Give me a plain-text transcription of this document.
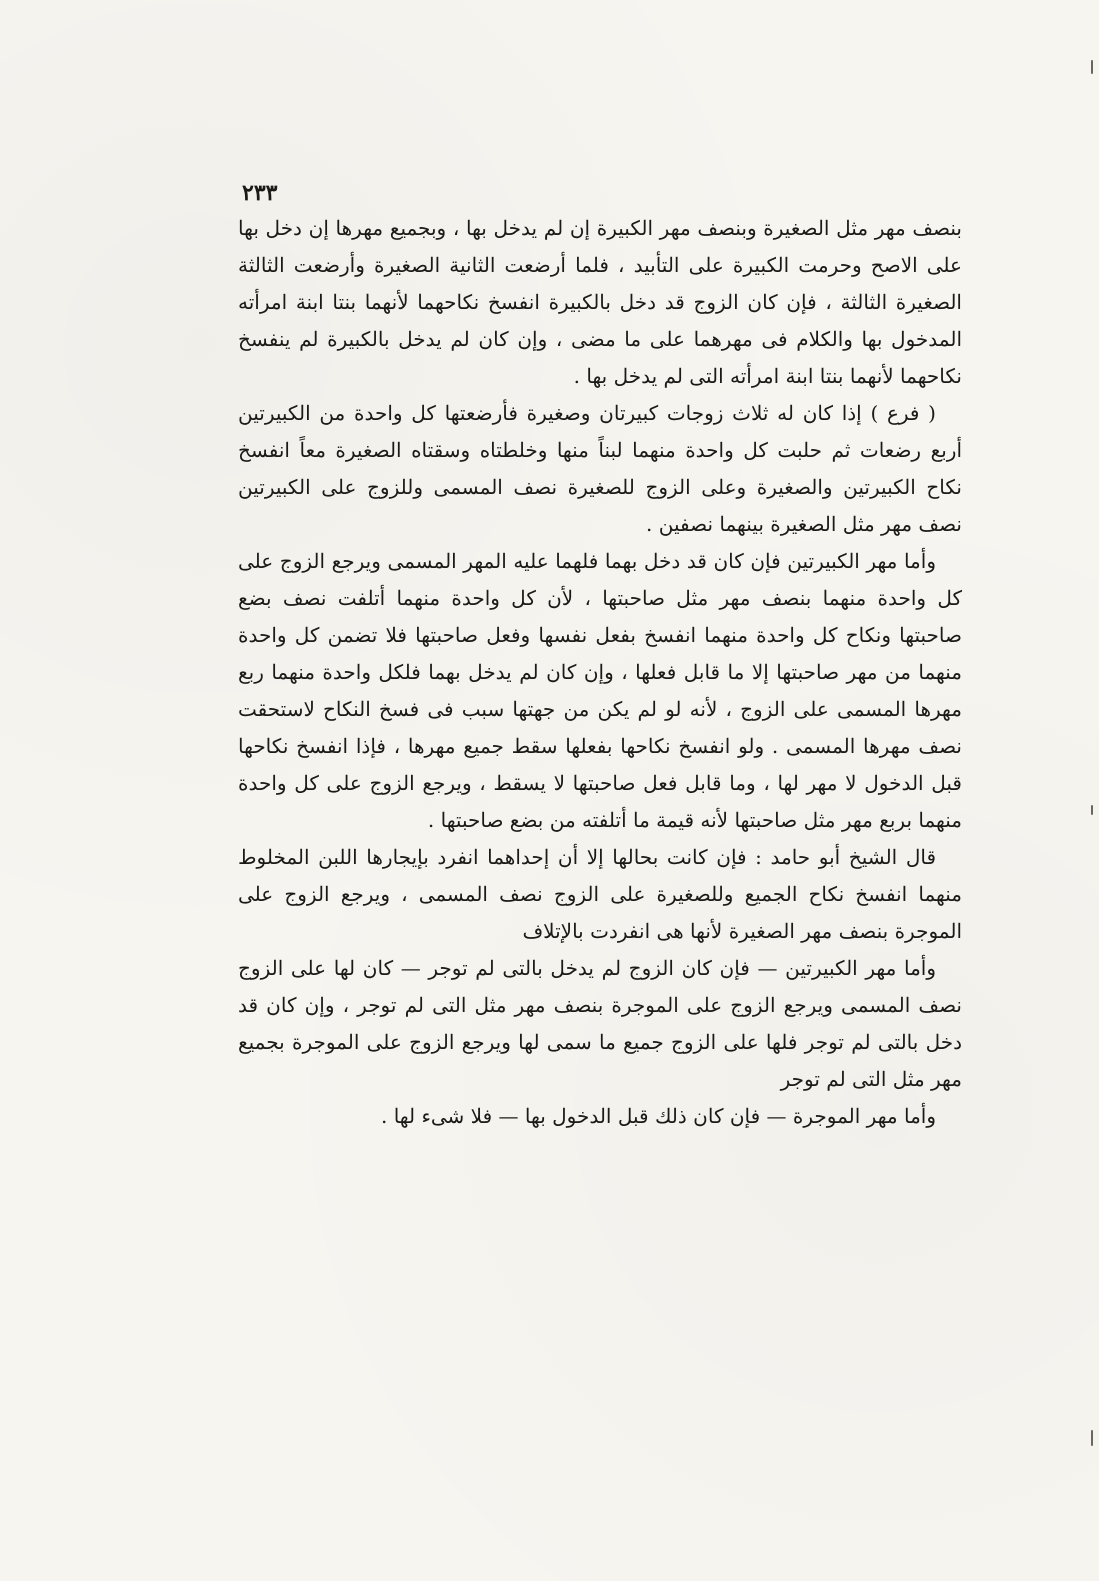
٢٣٣

بنصف مهر مثل الصغيرة وبنصف مهر الكبيرة إن لم يدخل بها ، وبجميع مهرها إن دخل بها على الاصح وحرمت الكبيرة على التأبيد ، فلما أرضعت الثانية الصغيرة وأرضعت الثالثة الصغيرة الثالثة ، فإن كان الزوج قد دخل بالكبيرة انفسخ نكاحهما لأنهما بنتا ابنة امرأته المدخول بها والكلام فى مهرهما على ما مضى ، وإن كان لم يدخل بالكبيرة لم ينفسخ نكاحهما لأنهما بنتا ابنة امرأته التى لم يدخل بها .

( فرع ) إذا كان له ثلاث زوجات كبيرتان وصغيرة فأرضعتها كل واحدة من الكبيرتين أربع رضعات ثم حلبت كل واحدة منهما لبناً منها وخلطتاه وسقتاه الصغيرة معاً انفسخ نكاح الكبيرتين والصغيرة وعلى الزوج للصغيرة نصف المسمى وللزوج على الكبيرتين نصف مهر مثل الصغيرة بينهما نصفين .

وأما مهر الكبيرتين فإن كان قد دخل بهما فلهما عليه المهر المسمى ويرجع الزوج على كل واحدة منهما بنصف مهر مثل صاحبتها ، لأن كل واحدة منهما أتلفت نصف بضع صاحبتها ونكاح كل واحدة منهما انفسخ بفعل نفسها وفعل صاحبتها فلا تضمن كل واحدة منهما من مهر صاحبتها إلا ما قابل فعلها ، وإن كان لم يدخل بهما فلكل واحدة منهما ربع مهرها المسمى على الزوج ، لأنه لو لم يكن من جهتها سبب فى فسخ النكاح لاستحقت نصف مهرها المسمى . ولو انفسخ نكاحها بفعلها سقط جميع مهرها ، فإذا انفسخ نكاحها قبل الدخول لا مهر لها ، وما قابل فعل صاحبتها لا يسقط ، ويرجع الزوج على كل واحدة منهما بربع مهر مثل صاحبتها لأنه قيمة ما أتلفته من بضع صاحبتها .

قال الشيخ أبو حامد : فإن كانت بحالها إلا أن إحداهما انفرد بإيجارها اللبن المخلوط منهما انفسخ نكاح الجميع وللصغيرة على الزوج نصف المسمى ، ويرجع الزوج على الموجرة بنصف مهر الصغيرة لأنها هى انفردت بالإتلاف

وأما مهر الكبيرتين — فإن كان الزوج لم يدخل بالتى لم توجر — كان لها على الزوج نصف المسمى ويرجع الزوج على الموجرة بنصف مهر مثل التى لم توجر ، وإن كان قد دخل بالتى لم توجر فلها على الزوج جميع ما سمى لها ويرجع الزوج على الموجرة بجميع مهر مثل التى لم توجر

وأما مهر الموجرة — فإن كان ذلك قبل الدخول بها — فلا شىء لها .
